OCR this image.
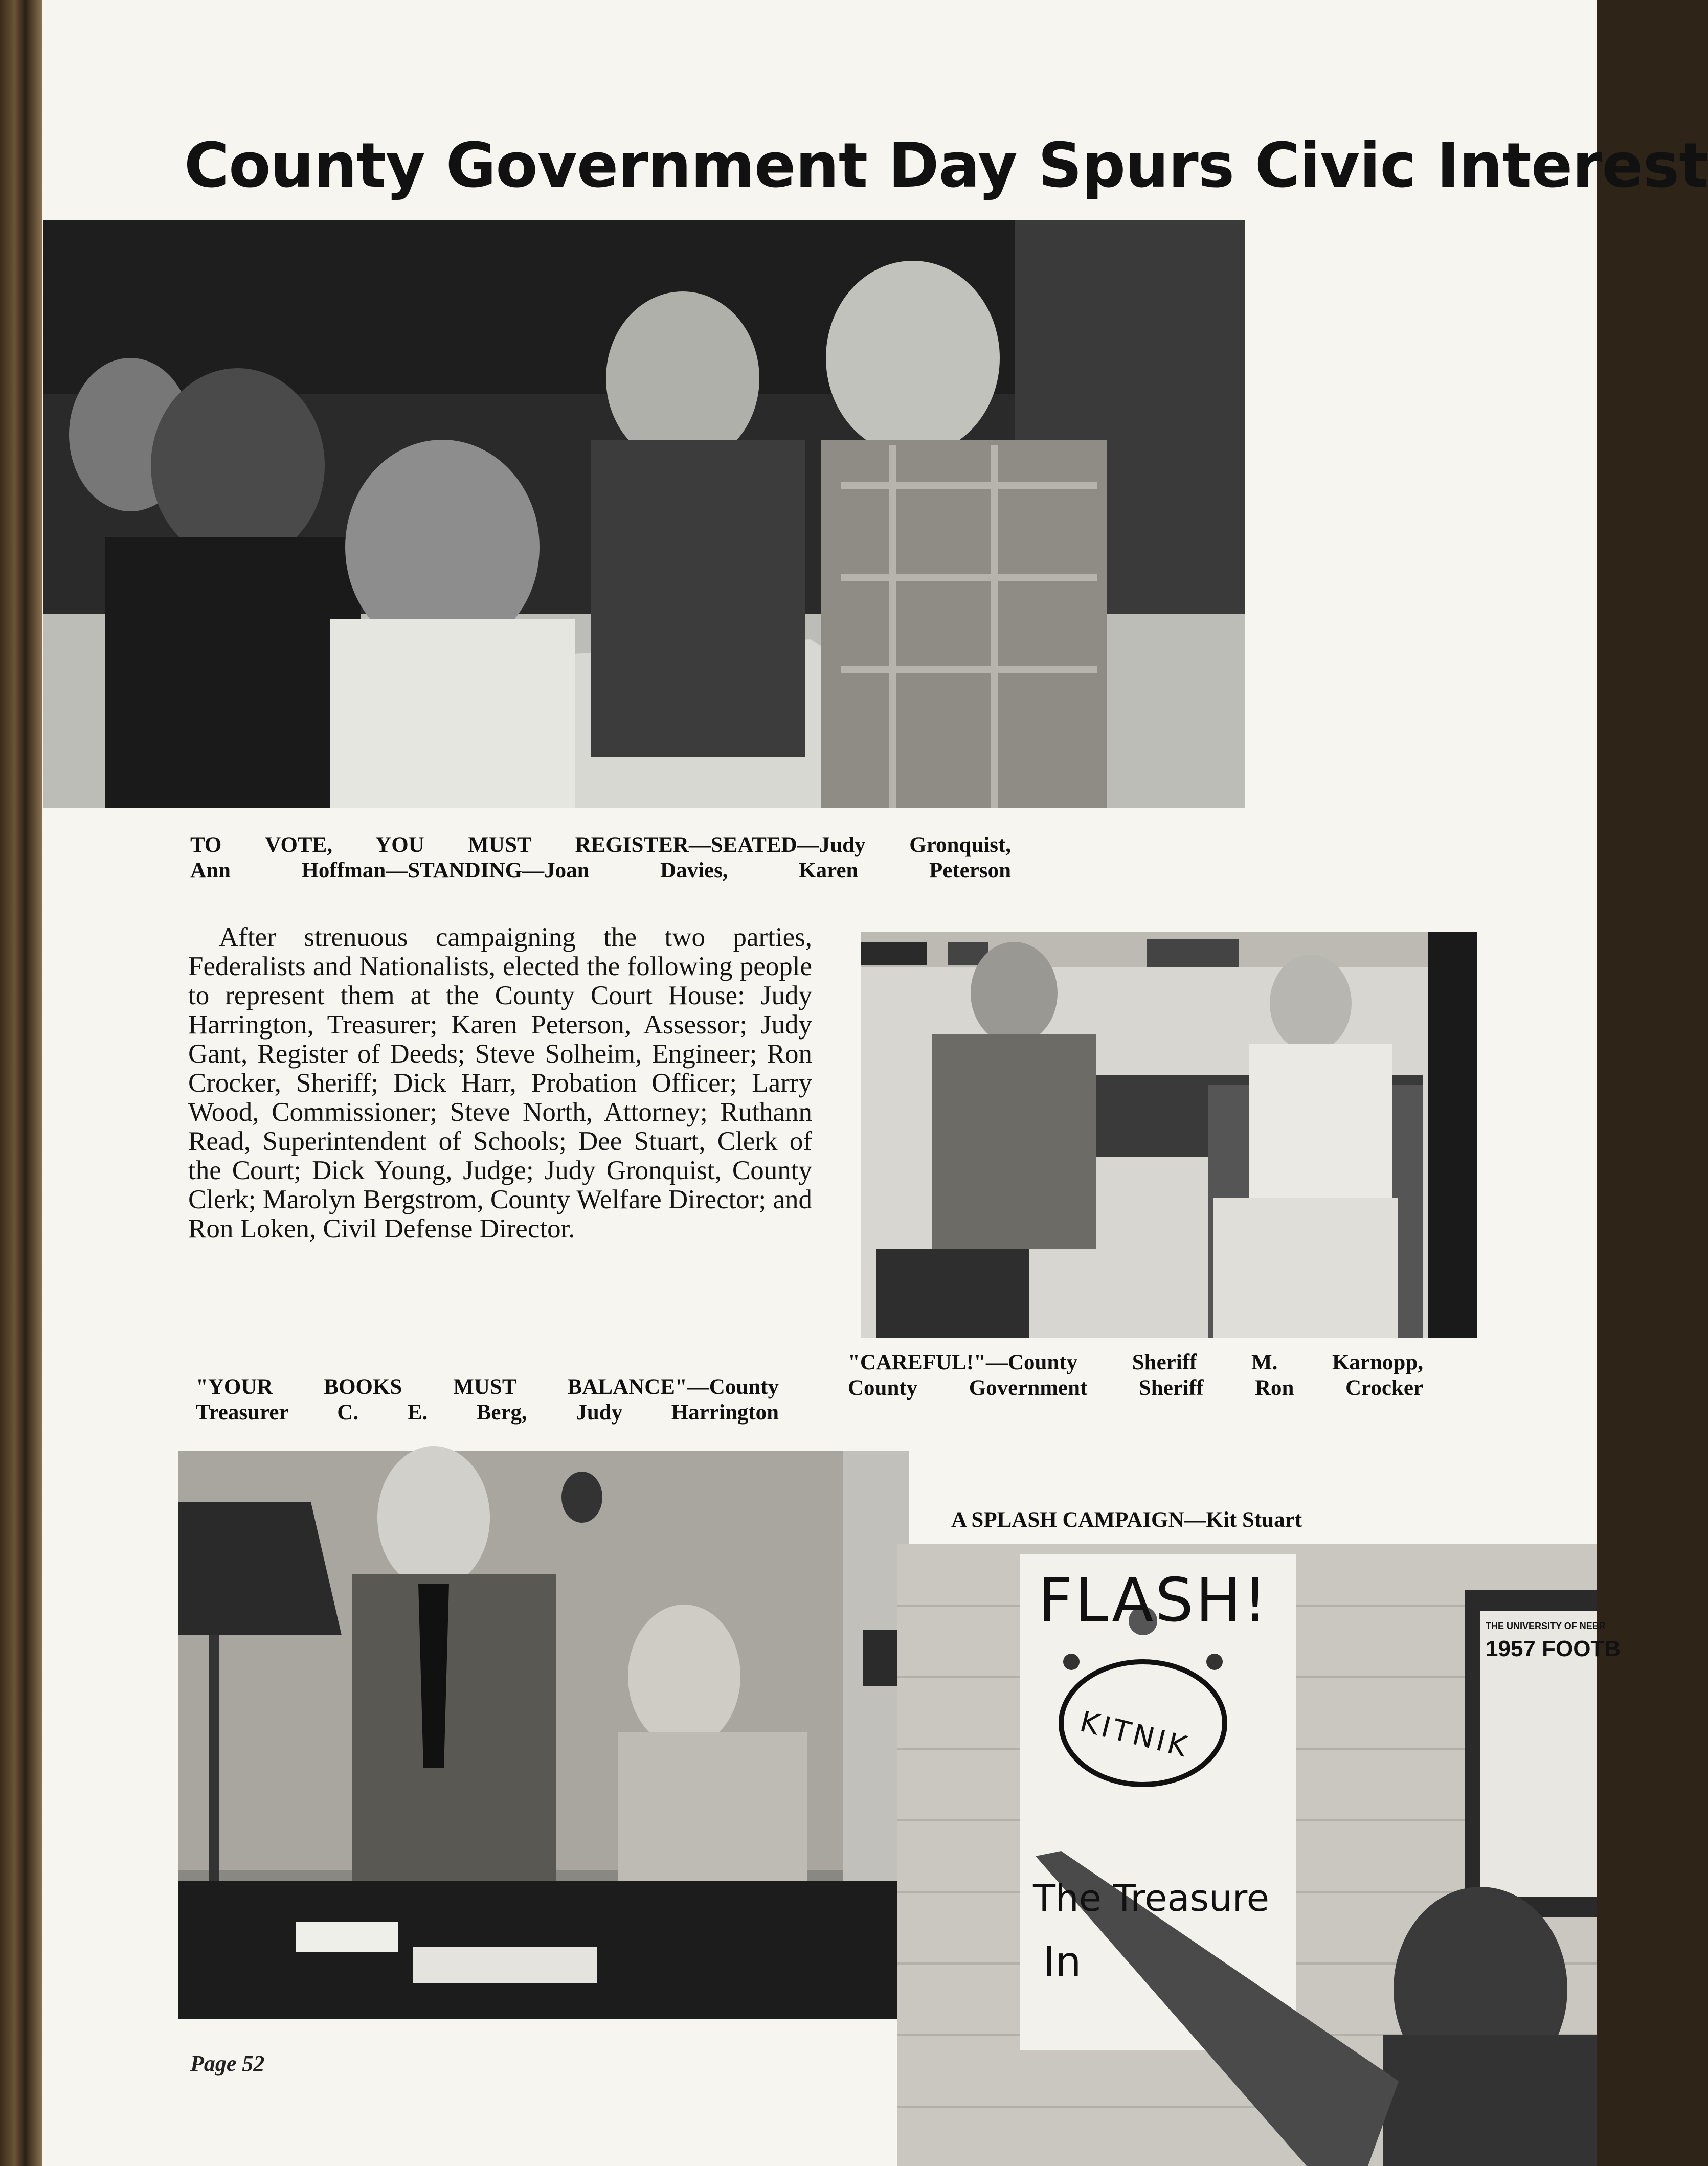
County Government Day Spurs Civic Interest

TO VOTE, YOU MUST REGISTER—SEATED—Judy Gronquist,
Ann Hoffman—STANDING—Joan Davies, Karen Peterson

After strenuous campaigning the two parties, Federalists and Nationalists, elected the following people to represent them at the County Court House: Judy Harrington, Treasurer; Karen Peterson, Assessor; Judy Gant, Register of Deeds; Steve Solheim, Engineer; Ron Crocker, Sheriff; Dick Harr, Probation Officer; Larry Wood, Commissioner; Steve North, Attorney; Ruthann Read, Superintendent of Schools; Dee Stuart, Clerk of the Court; Dick Young, Judge; Judy Gronquist, County Clerk; Marolyn Bergstrom, County Welfare Director; and Ron Loken, Civil Defense Director.

"CAREFUL!"—County Sheriff M. Karnopp,
County Government Sheriff Ron Crocker

"YOUR BOOKS MUST BALANCE"—County
Treasurer C. E. Berg, Judy Harrington

A SPLASH CAMPAIGN—Kit Stuart

FLASH!
KITNIK
The Treasure
In
THE UNIVERSITY OF NEBR
1957 FOOTB

Page 52
